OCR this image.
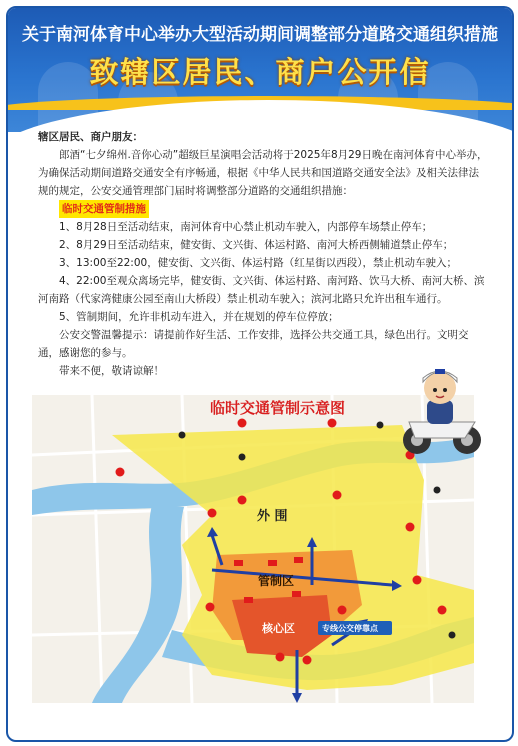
关于南河体育中心举办大型活动期间调整部分道路交通组织措施
致辖区居民、商户公开信

辖区居民、商户朋友：

郎酒“七夕绵州.音你心动”超级巨星演唱会活动将于2025年8月29日晚在南河体育中心举办，为确保活动期间道路交通安全有序畅通，根据《中华人民共和国道路交通安全法》及相关法律法规的规定，公安交通管理部门届时将调整部分道路的交通组织措施：

临时交通管制措施

1、8月28日至活动结束，南河体育中心禁止机动车驶入，内部停车场禁止停车；

2、8月29日至活动结束，健安街、文兴街、体运村路、南河大桥西侧辅道禁止停车；

3、13:00至22:00，健安街、文兴街、体运村路（红星街以西段），禁止机动车驶入；

4、22:00至观众离场完毕，健安街、文兴街、体运村路、南河路、饮马大桥、南河大桥、滨河南路（代家湾健康公园至南山大桥段）禁止机动车驶入；滨河北路只允许出租车通行。

5、管制期间，允许非机动车进入，并在规划的停车位停放；

公安交警温馨提示：请提前作好生活、工作安排，选择公共交通工具，绿色出行。文明交通，感谢您的参与。

带来不便，敬请谅解！

外 围
管制区
核心区	专线公交停靠点
临时交通管制示意图
